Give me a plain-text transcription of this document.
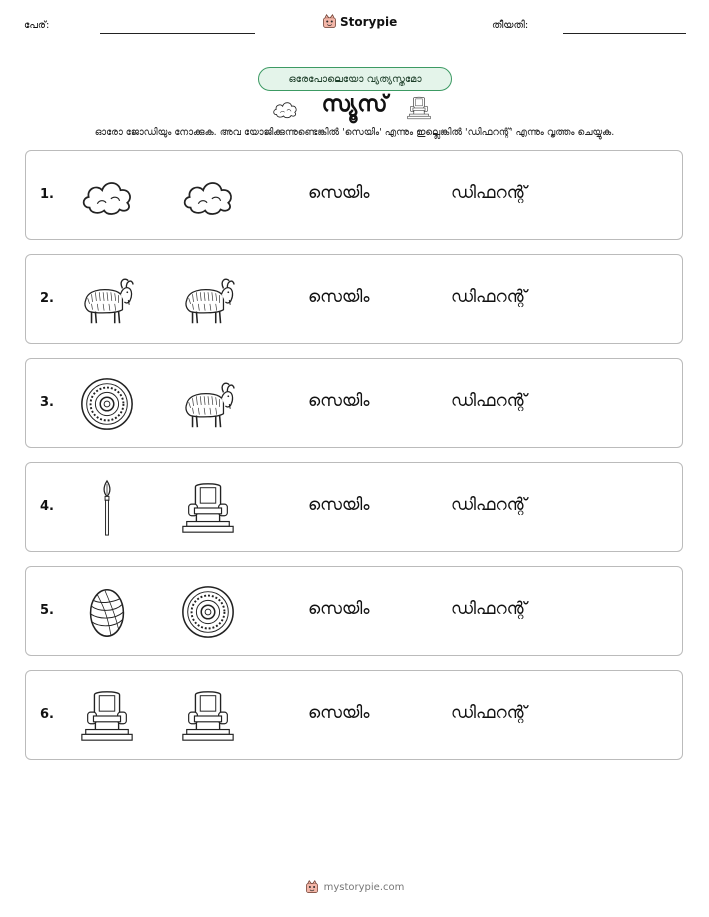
പേര്:	Storypie	തീയതി:
ഒരേപോലെയോ വ്യത്യസ്തമോ
സ്യൂസ്
ഓരോ ജോഡിയും നോക്കുക. അവ യോജിക്കുന്നുണ്ടെങ്കിൽ 'സെയിം' എന്നും ഇല്ലെങ്കിൽ 'ഡിഫറന്റ്' എന്നും വൃത്തം ചെയ്യുക.
1.	സെയിം	ഡിഫറന്റ്
2.	സെയിം	ഡിഫറന്റ്
3.	സെയിം	ഡിഫറന്റ്
4.	സെയിം	ഡിഫറന്റ്
5.	സെയിം	ഡിഫറന്റ്
6.	സെയിം	ഡിഫറന്റ്
mystorypie.com
